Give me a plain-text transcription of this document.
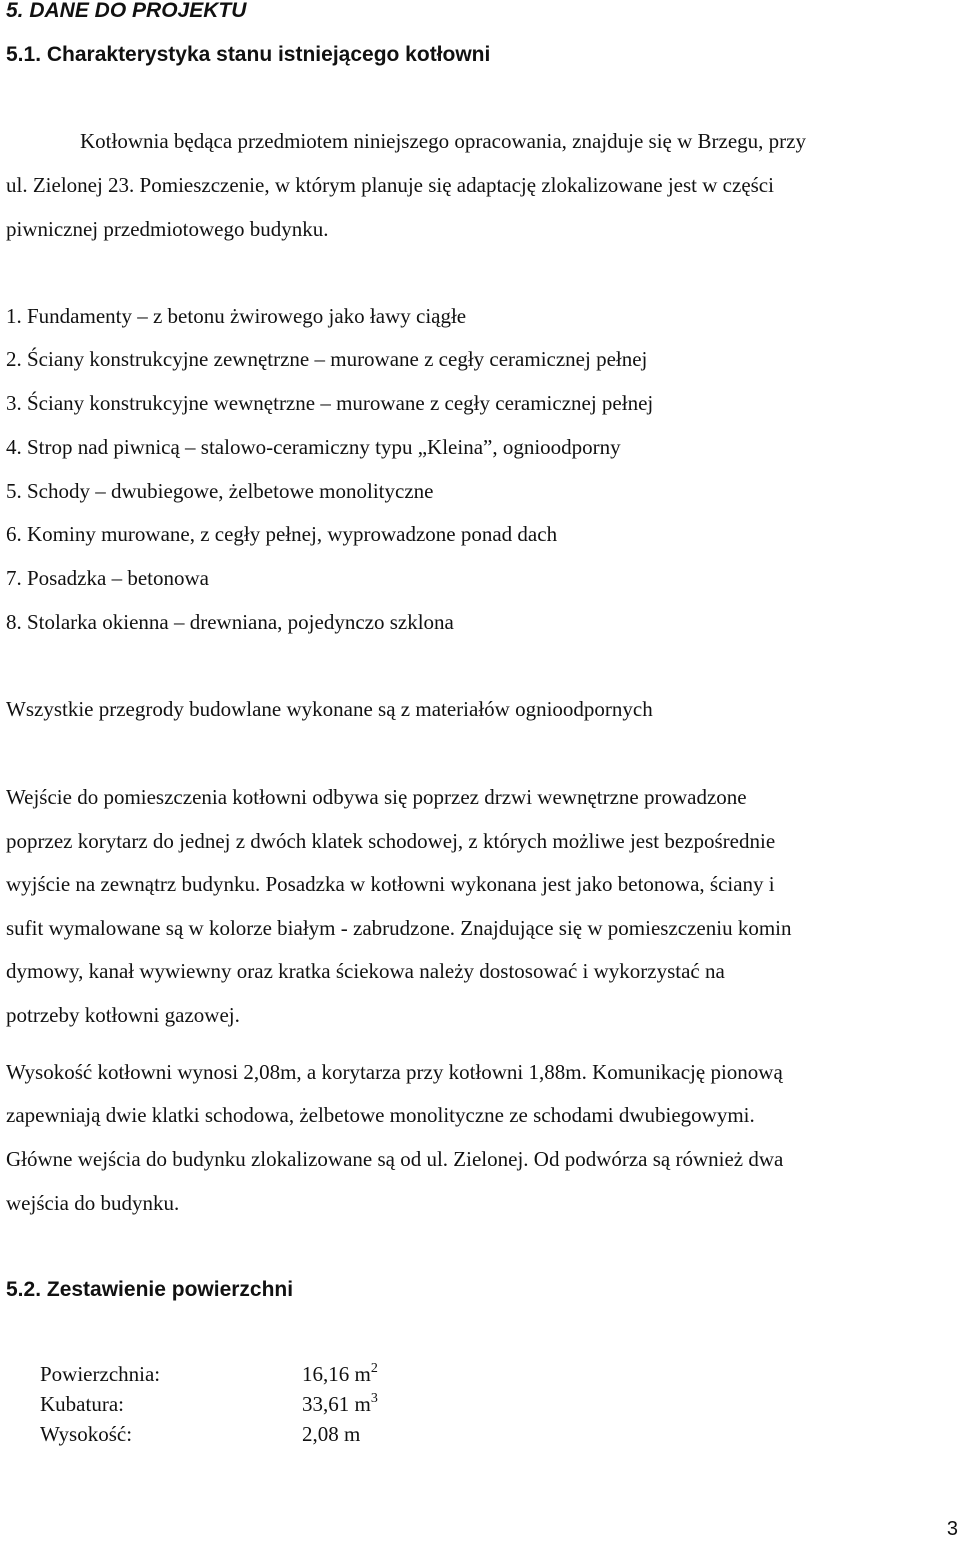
5. DANE DO PROJEKTU
5.1. Charakterystyka stanu istniejącego kotłowni
Kotłownia będąca przedmiotem niniejszego opracowania, znajduje się w Brzegu, przy
ul. Zielonej 23. Pomieszczenie, w którym planuje się adaptację zlokalizowane jest w części
piwnicznej przedmiotowego budynku.
1. Fundamenty – z betonu żwirowego jako ławy ciągłe
2. Ściany konstrukcyjne zewnętrzne – murowane z cegły ceramicznej pełnej
3. Ściany konstrukcyjne wewnętrzne – murowane z cegły ceramicznej pełnej
4. Strop nad piwnicą – stalowo-ceramiczny typu „Kleina”, ognioodporny
5. Schody – dwubiegowe, żelbetowe monolityczne
6. Kominy murowane, z cegły pełnej, wyprowadzone ponad dach
7. Posadzka – betonowa
8. Stolarka okienna – drewniana, pojedynczo szklona
Wszystkie przegrody budowlane wykonane są z materiałów ognioodpornych
Wejście do pomieszczenia kotłowni odbywa się poprzez drzwi wewnętrzne prowadzone
poprzez korytarz do jednej z dwóch klatek schodowej, z których możliwe jest bezpośrednie
wyjście na zewnątrz budynku. Posadzka w kotłowni wykonana jest jako betonowa, ściany i
sufit wymalowane są w kolorze białym - zabrudzone. Znajdujące się w pomieszczeniu komin
dymowy, kanał wywiewny oraz kratka ściekowa należy dostosować i wykorzystać na
potrzeby kotłowni gazowej.
Wysokość kotłowni wynosi 2,08m, a korytarza przy kotłowni 1,88m. Komunikację pionową
zapewniają dwie klatki schodowa, żelbetowe monolityczne ze schodami dwubiegowymi.
Główne wejścia do budynku zlokalizowane są od ul. Zielonej. Od podwórza są również dwa
wejścia do budynku.
5.2. Zestawienie powierzchni
Powierzchnia:	16,16 $m^2$
Kubatura:	33,61 $m^3$
Wysokość:	2,08 m
3
